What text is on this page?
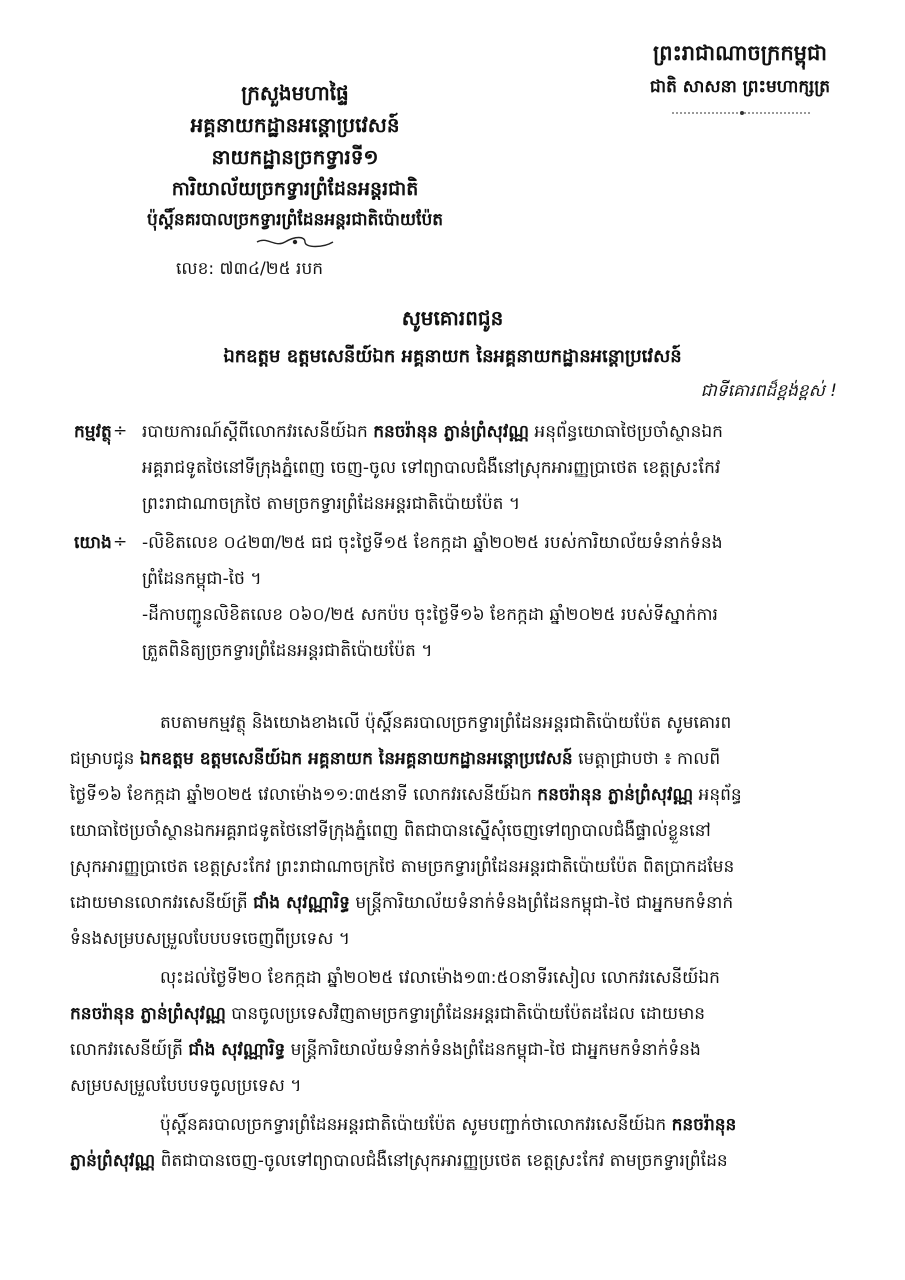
ព្រះរាជាណាចក្រកម្ពុជា
ជាតិ សាសនា ព្រះមហាក្សត្រ
ក្រសួងមហាផ្ទៃ
អគ្គនាយកដ្ឋានអន្តោប្រវេសន៍
នាយកដ្ឋានច្រកទ្វារទី១
ការិយាល័យច្រកទ្វារព្រំដែនអន្តរជាតិ
ប៉ុស្តិ៍នគរបាលច្រកទ្វារព្រំដែនអន្តរជាតិប៉ោយប៉ែត
លេខ: ៧៣៤/២៥ របក
សូមគោរពជូន
ឯកឧត្តម ឧត្តមសេនីយ៍ឯក អគ្គនាយក នៃអគ្គនាយកដ្ឋានអន្តោប្រវេសន៍
ជាទីគោរពដ៏ខ្ពង់ខ្ពស់ !
កម្មវត្ថុ ÷ របាយការណ៍ស្តីពីលោកវរសេនីយ៍ឯក កនចរ៉ានុន ភ្លាន់ព្រំសុវណ្ណ អនុព័ន្ធយោធាថៃប្រចាំស្ថានឯក
អគ្គរាជទូតថៃនៅទីក្រុងភ្នំពេញ ចេញ-ចូល ទៅព្យាបាលជំងឺនៅស្រុកអារញ្ញប្រាថេត ខេត្តស្រះកែវ
ព្រះរាជាណាចក្រថៃ តាមច្រកទ្វារព្រំដែនអន្តរជាតិប៉ោយប៉ែត ។
យោង ÷ -លិខិតលេខ ០៤២៣/២៥ ធជ ចុះថ្ងៃទី១៥ ខែកក្កដា ឆ្នាំ២០២៥ របស់ការិយាល័យទំនាក់ទំនង
ព្រំដែនកម្ពុជា-ថៃ ។
-ដីកាបញ្ជូនលិខិតលេខ ០៦០/២៥ សកប៉ប ចុះថ្ងៃទី១៦ ខែកក្កដា ឆ្នាំ២០២៥ របស់ទីស្នាក់ការ
ត្រួតពិនិត្យច្រកទ្វារព្រំដែនអន្តរជាតិប៉ោយប៉ែត ។
តបតាមកម្មវត្ថុ និងយោងខាងលើ ប៉ុស្តិ៍នគរបាលច្រកទ្វារព្រំដែនអន្តរជាតិប៉ោយប៉ែត សូមគោរព
ជម្រាបជូន ឯកឧត្តម ឧត្តមសេនីយ៍ឯក អគ្គនាយក នៃអគ្គនាយកដ្ឋានអន្តោប្រវេសន៍ មេត្តាជ្រាបថា ៖ កាលពី
ថ្ងៃទី១៦ ខែកក្កដា ឆ្នាំ២០២៥ វេលាម៉ោង១១:៣៥នាទី លោកវរសេនីយ៍ឯក កនចរ៉ានុន ភ្លាន់ព្រំសុវណ្ណ អនុព័ន្ធ
យោធាថៃប្រចាំស្ថានឯកអគ្គរាជទូតថៃនៅទីក្រុងភ្នំពេញ ពិតជាបានស្នើសុំចេញទៅព្យាបាលជំងឺផ្ទាល់ខ្លួននៅ
ស្រុកអារញ្ញប្រាថេត ខេត្តស្រះកែវ ព្រះរាជាណាចក្រថៃ តាមច្រកទ្វារព្រំដែនអន្តរជាតិប៉ោយប៉ែត ពិតប្រាកដមែន
ដោយមានលោកវរសេនីយ៍ត្រី ជាំង សុវណ្ណារិទ្ធ មន្រ្តីការិយាល័យទំនាក់ទំនងព្រំដែនកម្ពុជា-ថៃ ជាអ្នកមកទំនាក់
ទំនងសម្របសម្រួលបែបបទចេញពីប្រទេស ។
លុះដល់ថ្ងៃទី២០ ខែកក្កដា ឆ្នាំ២០២៥ វេលាម៉ោង១៣:៥០នាទីរសៀល លោកវរសេនីយ៍ឯក
កនចរ៉ានុន ភ្លាន់ព្រំសុវណ្ណ បានចូលប្រទេសវិញតាមច្រកទ្វារព្រំដែនអន្តរជាតិប៉ោយប៉ែតដដែល ដោយមាន
លោកវរសេនីយ៍ត្រី ជាំង សុវណ្ណារិទ្ធ មន្រ្តីការិយាល័យទំនាក់ទំនងព្រំដែនកម្ពុជា-ថៃ ជាអ្នកមកទំនាក់ទំនង
សម្របសម្រួលបែបបទចូលប្រទេស ។
ប៉ុស្តិ៍នគរបាលច្រកទ្វារព្រំដែនអន្តរជាតិប៉ោយប៉ែត សូមបញ្ជាក់ថាលោកវរសេនីយ៍ឯក កនចរ៉ានុន
ភ្លាន់ព្រំសុវណ្ណ ពិតជាបានចេញ-ចូលទៅព្យាបាលជំងឺនៅស្រុកអារញ្ញប្រថេត ខេត្តស្រះកែវ តាមច្រកទ្វារព្រំដែន
